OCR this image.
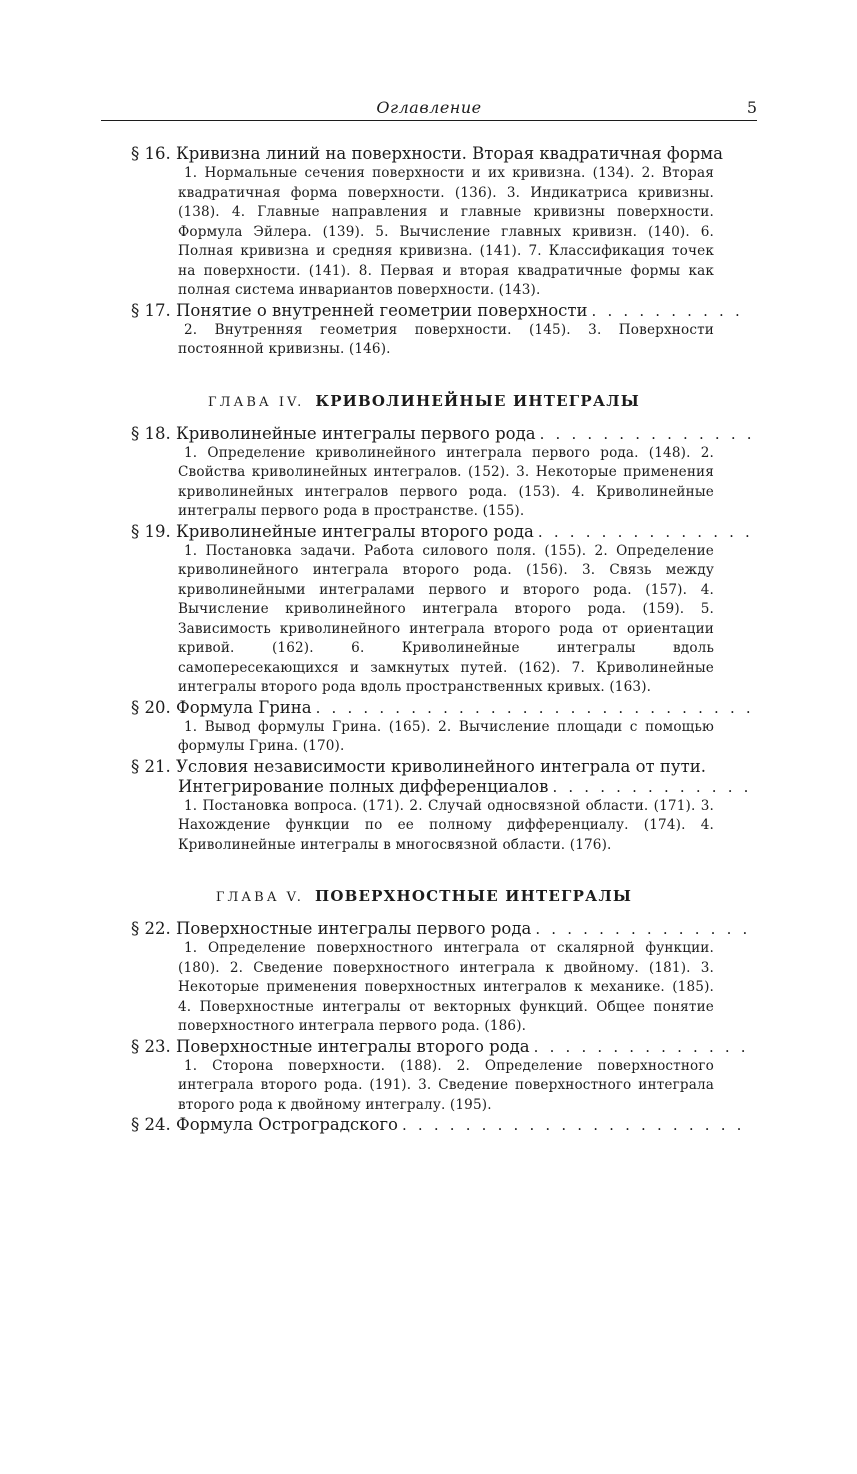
Оглавление	5
§ 16.
Кривизна линий на поверхности. Вторая квадратичная форма
1. Нормальные сечения поверхности и их кривизна. (134). 2. Вторая квадратичная форма поверхности. (136). 3. Индикатриса кривизны. (138). 4. Главные направления и главные кривизны поверхности. Формула Эйлера. (139). 5. Вычисление главных кривизн. (140). 6. Полная кривизна и средняя кривизна. (141). 7. Классификация точек на поверхности. (141). 8. Первая и вторая квадратичные формы как полная система инвариантов поверхности. (143).
§ 17.
Понятие о внутренней геометрии поверхности
. . .
2. Внутренняя геометрия поверхности. (145). 3. Поверхности постоянной кривизны. (146).
ГЛАВА IV. КРИВОЛИНЕЙНЫЕ ИНТЕГРАЛЫ
§ 18.
Криволинейные интегралы первого рода
. . .
1. Определение криволинейного интеграла первого рода. (148). 2. Свойства криволинейных интегралов. (152). 3. Некоторые применения криволинейных интегралов первого рода. (153). 4. Криволинейные интегралы первого рода в пространстве. (155).
§ 19.
Криволинейные интегралы второго рода
. . .
1. Постановка задачи. Работа силового поля. (155). 2. Определение криволинейного интеграла второго рода. (156). 3. Связь между криволинейными интегралами первого и второго рода. (157). 4. Вычисление криволинейного интеграла второго рода. (159). 5. Зависимость криволинейного интеграла второго рода от ориентации кривой. (162). 6. Криволинейные интегралы вдоль самопересекающихся и замкнутых путей. (162). 7. Криволинейные интегралы второго рода вдоль пространственных кривых. (163).
§ 20.
Формула Грина
. . .
1. Вывод формулы Грина. (165). 2. Вычисление площади с помощью формулы Грина. (170).
§ 21.
Условия независимости криволинейного интеграла от пути.
Интегрирование полных дифференциалов
. . .
1. Постановка вопроса. (171). 2. Случай односвязной области. (171). 3. Нахождение функции по ее полному дифференциалу. (174). 4. Криволинейные интегралы в многосвязной области. (176).
ГЛАВА V. ПОВЕРХНОСТНЫЕ ИНТЕГРАЛЫ
§ 22.
Поверхностные интегралы первого рода
. . .
1. Определение поверхностного интеграла от скалярной функции. (180). 2. Сведение поверхностного интеграла к двойному. (181). 3. Некоторые применения поверхностных интегралов к механике. (185). 4. Поверхностные интегралы от векторных функций. Общее понятие поверхностного интеграла первого рода. (186).
§ 23.
Поверхностные интегралы второго рода
. . .
1. Сторона поверхности. (188). 2. Определение поверхностного интеграла второго рода. (191). 3. Сведение поверхностного интеграла второго рода к двойному интегралу. (195).
§ 24.
Формула Остроградского
. . .
